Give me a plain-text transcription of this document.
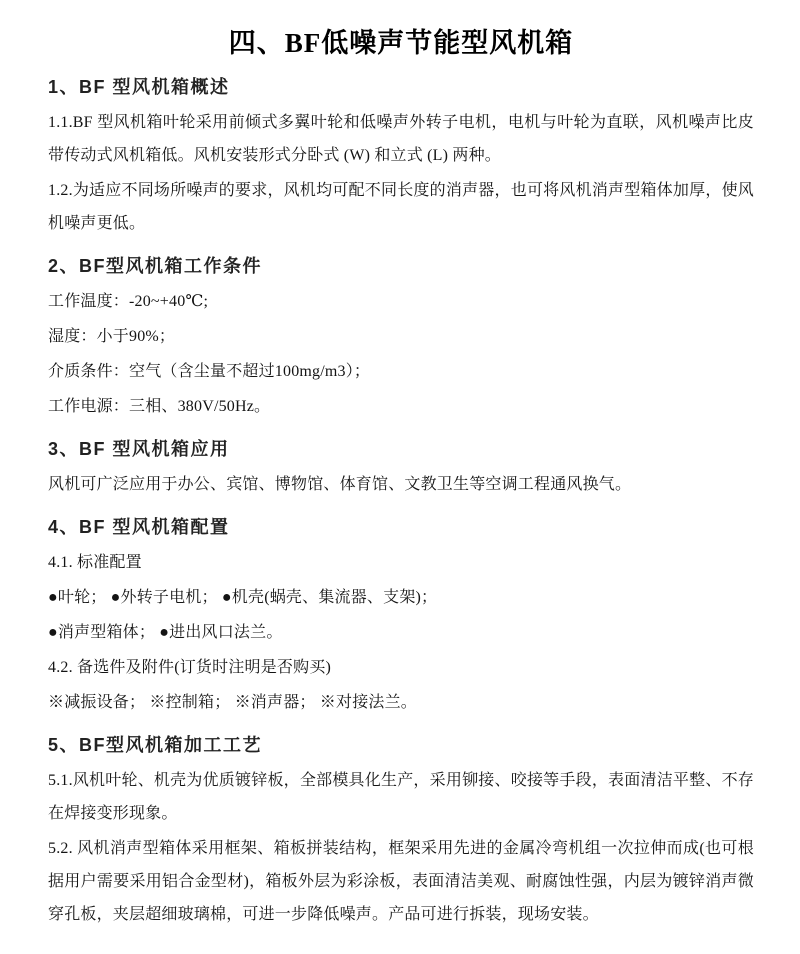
四、BF低噪声节能型风机箱
1、BF 型风机箱概述

1.1.BF 型风机箱叶轮采用前倾式多翼叶轮和低噪声外转子电机，电机与叶轮为直联，风机噪声比皮带传动式风机箱低。风机安装形式分卧式 (W) 和立式 (L) 两种。

1.2.为适应不同场所噪声的要求，风机均可配不同长度的消声器，也可将风机消声型箱体加厚，使风机噪声更低。

2、BF型风机箱工作条件

工作温度：-20~+40℃;

湿度：小于90%；

介质条件：空气（含尘量不超过100mg/m3）；

工作电源：三相、380V/50Hz。

3、BF 型风机箱应用

风机可广泛应用于办公、宾馆、博物馆、体育馆、文教卫生等空调工程通风换气。

4、BF 型风机箱配置

4.1. 标准配置

●叶轮； ●外转子电机； ●机壳(蜗壳、集流器、支架)；

●消声型箱体； ●进出风口法兰。

4.2. 备选件及附件(订货时注明是否购买)

※减振设备； ※控制箱； ※消声器； ※对接法兰。

5、BF型风机箱加工工艺

5.1.风机叶轮、机壳为优质镀锌板，全部模具化生产，采用铆接、咬接等手段，表面清洁平整、不存在焊接变形现象。

5.2. 风机消声型箱体采用框架、箱板拼装结构，框架采用先进的金属冷弯机组一次拉伸而成(也可根据用户需要采用铝合金型材)，箱板外层为彩涂板，表面清洁美观、耐腐蚀性强，内层为镀锌消声微穿孔板，夹层超细玻璃棉，可进一步降低噪声。产品可进行拆装，现场安装。
